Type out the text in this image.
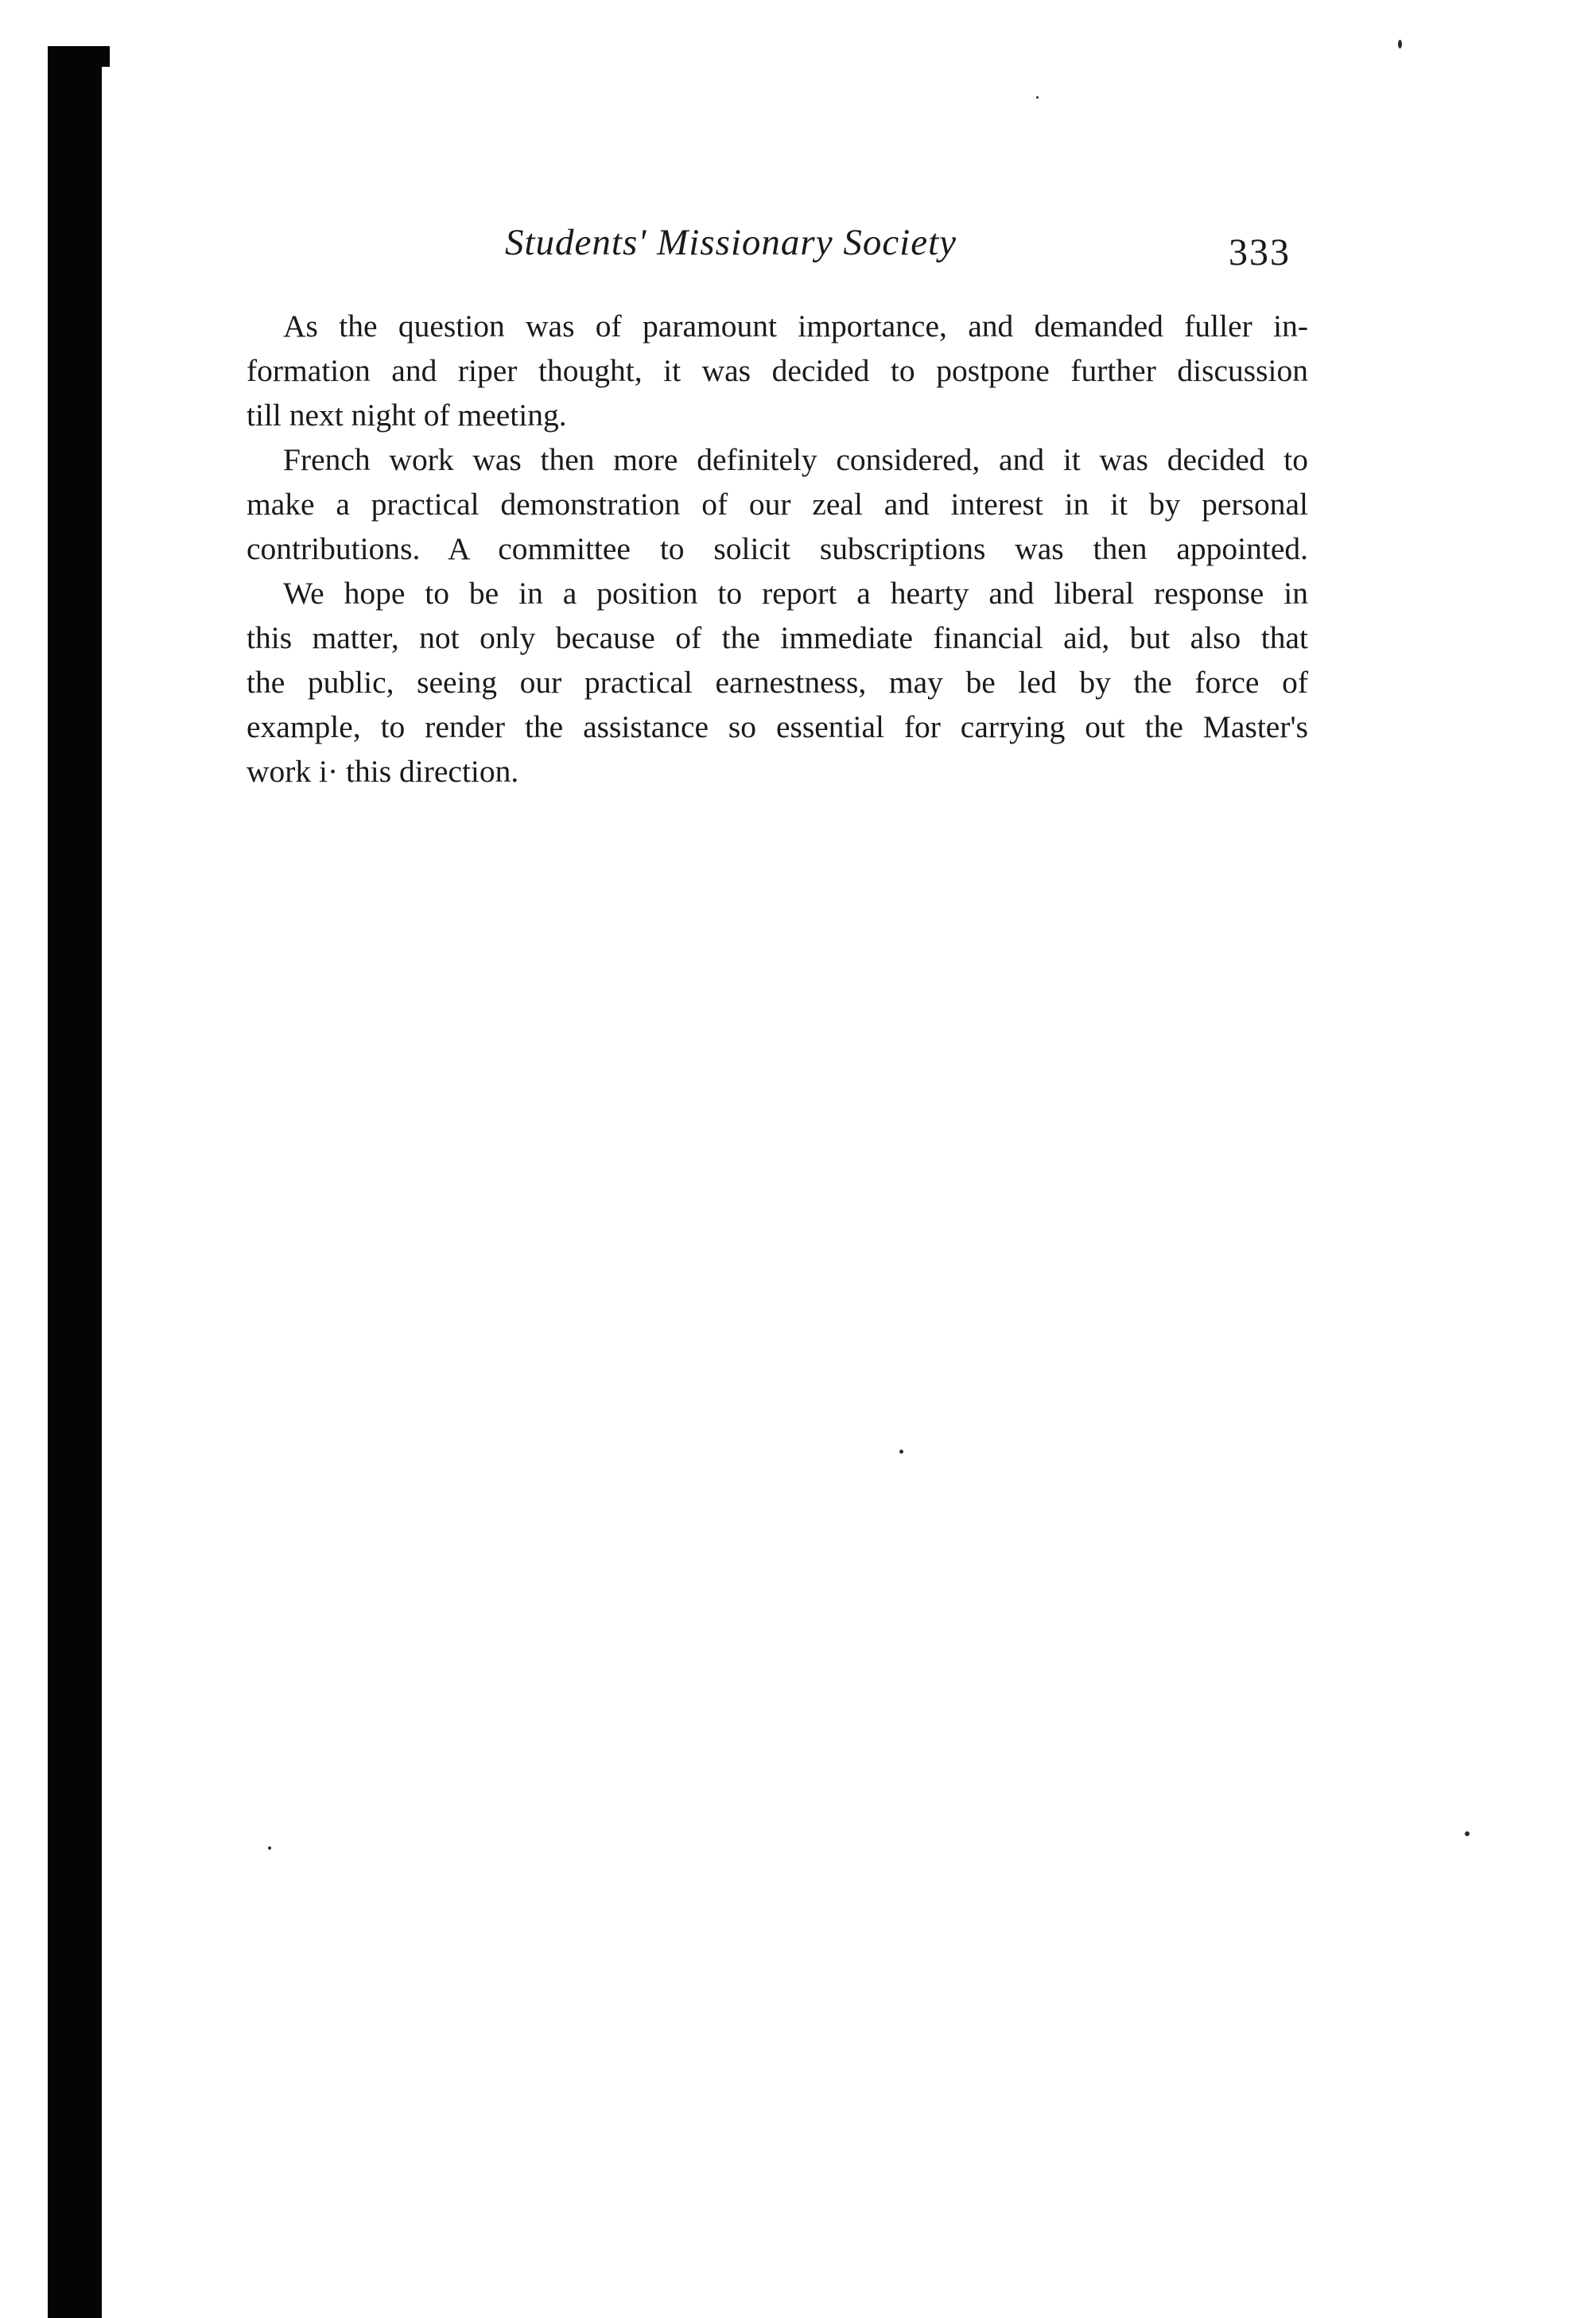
Students' Missionary Society	333
As the question was of paramount importance, and demanded fuller in-
formation and riper thought, it was decided to postpone further discussion
till next night of meeting.
French work was then more definitely considered, and it was decided to
make a practical demonstration of our zeal and interest in it by personal
contributions. A committee to solicit subscriptions was then appointed.
We hope to be in a position to report a hearty and liberal response in
this matter, not only because of the immediate financial aid, but also that
the public, seeing our practical earnestness, may be led by the force of
example, to render the assistance so essential for carrying out the Master's
work i· this direction.
